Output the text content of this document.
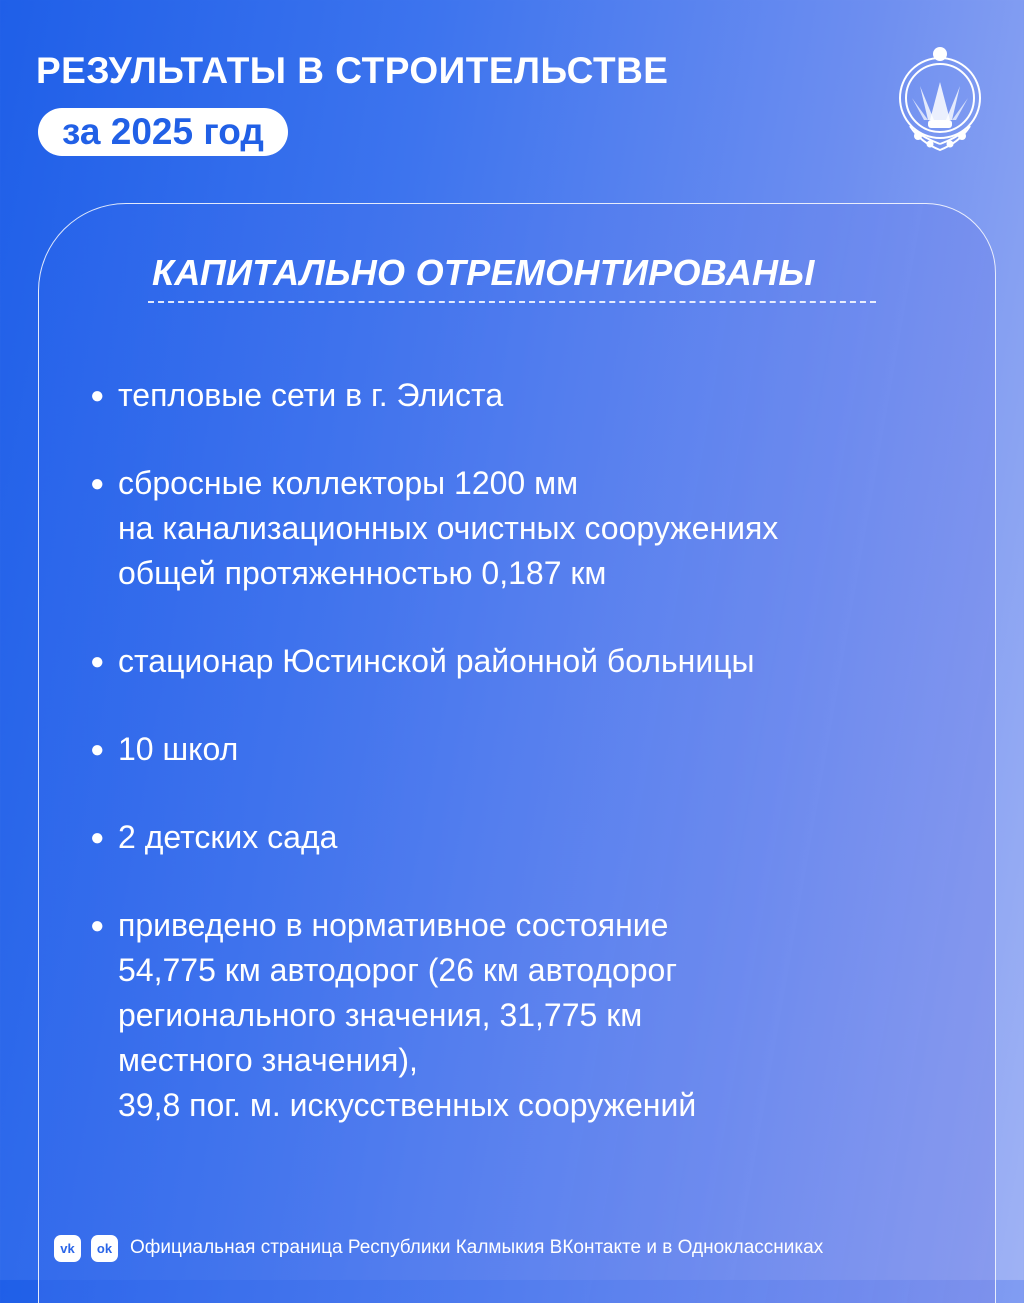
РЕЗУЛЬТАТЫ В СТРОИТЕЛЬСТВЕ
за 2025 год
КАПИТАЛЬНО ОТРЕМОНТИРОВАНЫ
● тепловые сети в г. Элиста
● сбросные коллекторы 1200 мм
на канализационных очистных сооружениях
общей протяженностью 0,187 км
● стационар Юстинской районной больницы
● 10 школ
● 2 детских сада
● приведено в нормативное состояние
54,775 км автодорог (26 км автодорог
регионального значения, 31,775 км
местного значения),
39,8 пог. м. искусственных сооружений
vk	ok Официальная страница Республики Калмыкия ВКонтакте и в Одноклассниках
